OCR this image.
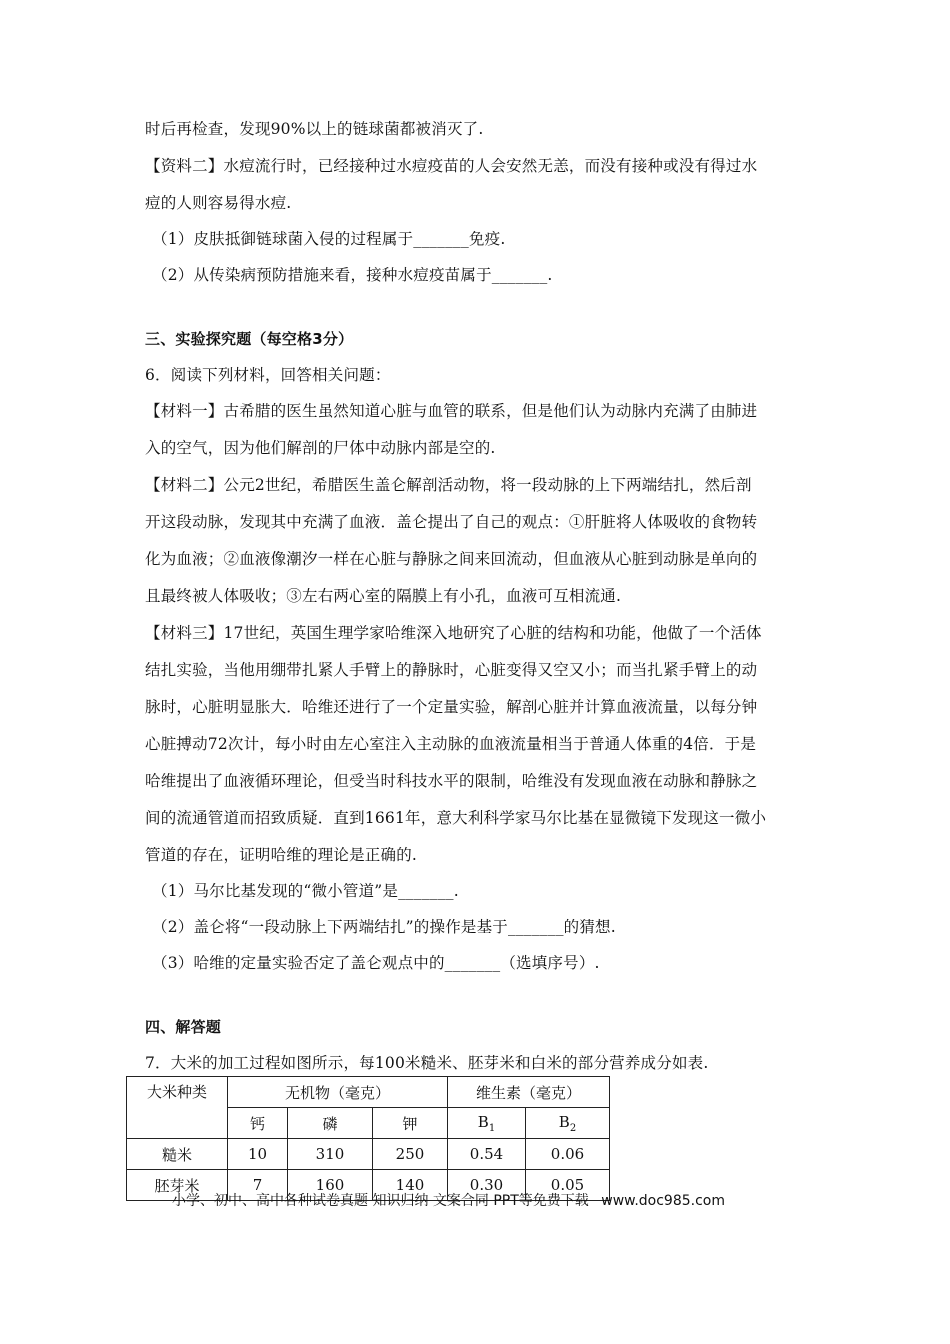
时后再检查，发现90%以上的链球菌都被消灭了.
【资料二】水痘流行时，已经接种过水痘疫苗的人会安然无恙，而没有接种或没有得过水
痘的人则容易得水痘.
（1）皮肤抵御链球菌入侵的过程属于_______免疫.
（2）从传染病预防措施来看，接种水痘疫苗属于_______.
三、实验探究题（每空格3分）
6．阅读下列材料，回答相关问题：
【材料一】古希腊的医生虽然知道心脏与血管的联系，但是他们认为动脉内充满了由肺进
入的空气，因为他们解剖的尸体中动脉内部是空的.
【材料二】公元2世纪，希腊医生盖仑解剖活动物，将一段动脉的上下两端结扎，然后剖
开这段动脉，发现其中充满了血液．盖仑提出了自己的观点：①肝脏将人体吸收的食物转
化为血液；②血液像潮汐一样在心脏与静脉之间来回流动，但血液从心脏到动脉是单向的
且最终被人体吸收；③左右两心室的隔膜上有小孔，血液可互相流通.
【材料三】17世纪，英国生理学家哈维深入地研究了心脏的结构和功能，他做了一个活体
结扎实验，当他用绷带扎紧人手臂上的静脉时，心脏变得又空又小；而当扎紧手臂上的动
脉时，心脏明显胀大．哈维还进行了一个定量实验，解剖心脏并计算血液流量，以每分钟
心脏搏动72次计，每小时由左心室注入主动脉的血液流量相当于普通人体重的4倍．于是
哈维提出了血液循环理论，但受当时科技水平的限制，哈维没有发现血液在动脉和静脉之
间的流通管道而招致质疑．直到1661年，意大利科学家马尔比基在显微镜下发现这一微小
管道的存在，证明哈维的理论是正确的.
（1）马尔比基发现的“微小管道”是_______.
（2）盖仑将“一段动脉上下两端结扎”的操作是基于_______的猜想.
（3）哈维的定量实验否定了盖仑观点中的_______（选填序号）.
四、解答题
7．大米的加工过程如图所示，每100米糙米、胚芽米和白米的部分营养成分如表.
大米种类	无机物（毫克）			维生素（毫克）	
	钙	磷	钾	$B_1$	$B_2$
糙米	10	310	250	0.54	0.06
胚芽米	7	160	140	0.30	0.05
小学、初中、高中各种试卷真题 知识归纳 文案合同 PPT等免费下载 www.doc985.com
